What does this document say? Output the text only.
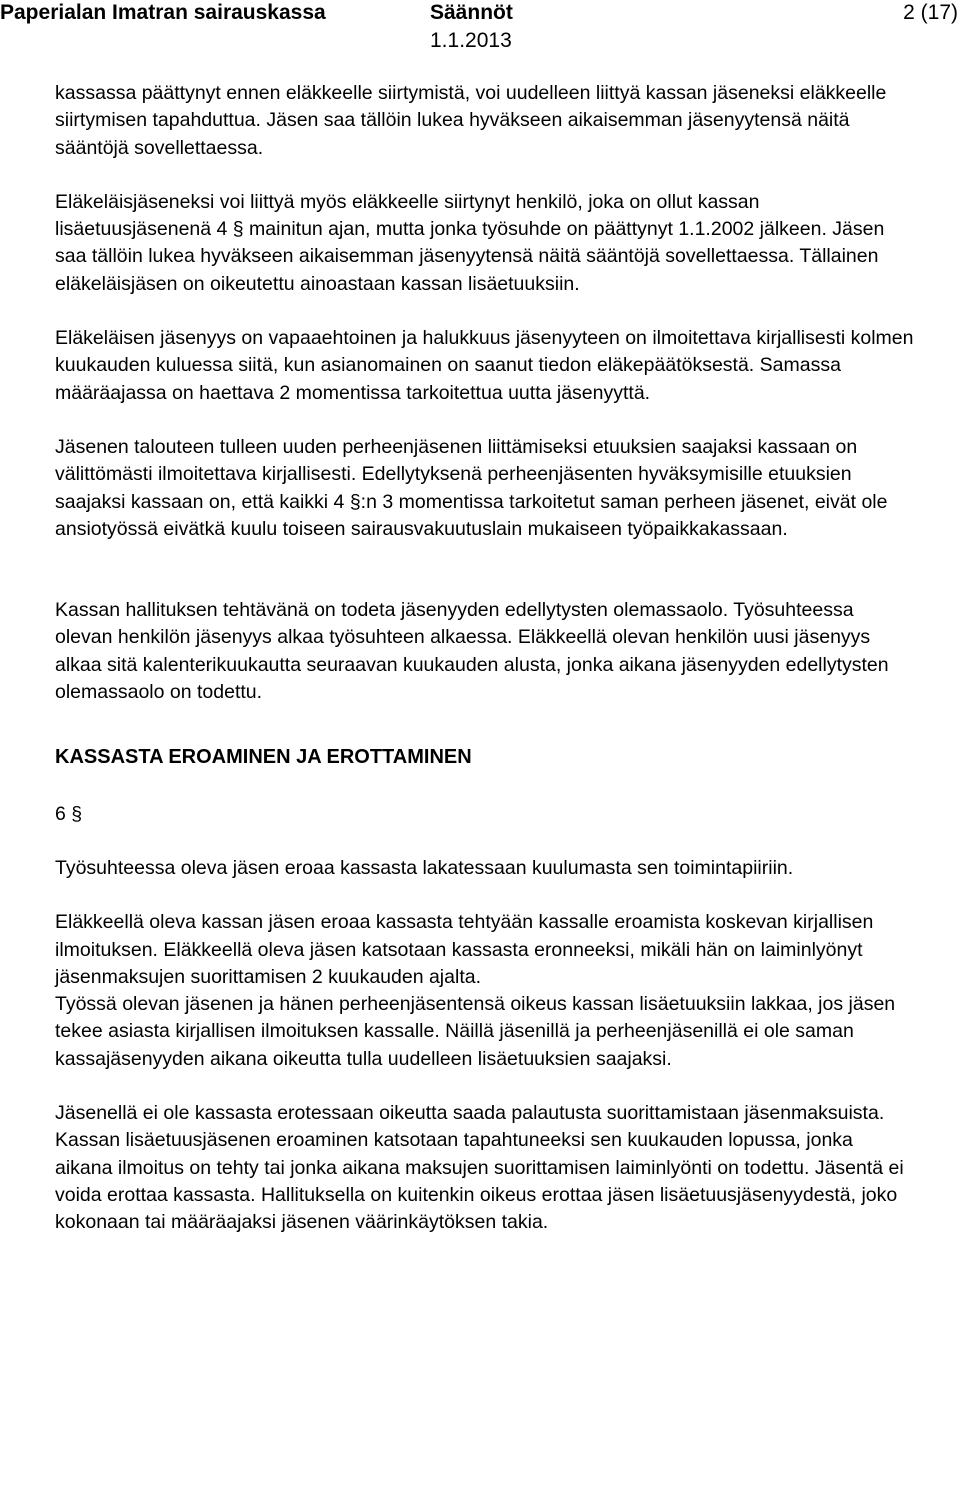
Paperialan Imatran sairauskassa	Säännöt	2 (17)
1.1.2013

kassassa päättynyt ennen eläkkeelle siirtymistä, voi uudelleen liittyä kassan jäseneksi eläkkeelle siirtymisen tapahduttua. Jäsen saa tällöin lukea hyväkseen aikaisemman jäsenyytensä näitä sääntöjä sovellettaessa.

Eläkeläisjäseneksi voi liittyä myös eläkkeelle siirtynyt henkilö, joka on ollut kassan lisäetuusjäsenenä 4 § mainitun ajan, mutta jonka työsuhde on päättynyt 1.1.2002 jälkeen. Jäsen saa tällöin lukea hyväkseen aikaisemman jäsenyytensä näitä sääntöjä sovellettaessa. Tällainen eläkeläisjäsen on oikeutettu ainoastaan kassan lisäetuuksiin.

Eläkeläisen jäsenyys on vapaaehtoinen ja halukkuus jäsenyyteen on ilmoitettava kirjallisesti kolmen kuukauden kuluessa siitä, kun asianomainen on saanut tiedon eläkepäätöksestä. Samassa määräajassa on haettava 2 momentissa tarkoitettua uutta jäsenyyttä.

Jäsenen talouteen tulleen uuden perheenjäsenen liittämiseksi etuuksien saajaksi kassaan on välittömästi ilmoitettava kirjallisesti. Edellytyksenä perheenjäsenten hyväksymisille etuuksien saajaksi kassaan on, että kaikki 4 §:n 3 momentissa tarkoitetut saman perheen jäsenet, eivät ole ansiotyössä eivätkä kuulu toiseen sairausvakuutuslain mukaiseen työpaikkakassaan.

Kassan hallituksen tehtävänä on todeta jäsenyyden edellytysten olemassaolo. Työsuhteessa olevan henkilön jäsenyys alkaa työsuhteen alkaessa. Eläkkeellä olevan henkilön uusi jäsenyys alkaa sitä kalenterikuukautta seuraavan kuukauden alusta, jonka aikana jäsenyyden edellytysten olemassaolo on todettu.

KASSASTA EROAMINEN JA EROTTAMINEN

6 §

Työsuhteessa oleva jäsen eroaa kassasta lakatessaan kuulumasta sen toimintapiiriin.

Eläkkeellä oleva kassan jäsen eroaa kassasta tehtyään kassalle eroamista koskevan kirjallisen ilmoituksen. Eläkkeellä oleva jäsen katsotaan kassasta eronneeksi, mikäli hän on laiminlyönyt jäsenmaksujen suorittamisen 2 kuukauden ajalta.

Työssä olevan jäsenen ja hänen perheenjäsentensä oikeus kassan lisäetuuksiin lakkaa, jos jäsen tekee asiasta kirjallisen ilmoituksen kassalle. Näillä jäsenillä ja perheenjäsenillä ei ole saman kassajäsenyyden aikana oikeutta tulla uudelleen lisäetuuksien saajaksi.

Jäsenellä ei ole kassasta erotessaan oikeutta saada palautusta suorittamistaan jäsenmaksuista.

Kassan lisäetuusjäsenen eroaminen katsotaan tapahtuneeksi sen kuukauden lopussa, jonka aikana ilmoitus on tehty tai jonka aikana maksujen suorittamisen laiminlyönti on todettu. Jäsentä ei voida erottaa kassasta. Hallituksella on kuitenkin oikeus erottaa jäsen lisäetuusjäsenyydestä, joko kokonaan tai määräajaksi jäsenen väärinkäytöksen takia.
